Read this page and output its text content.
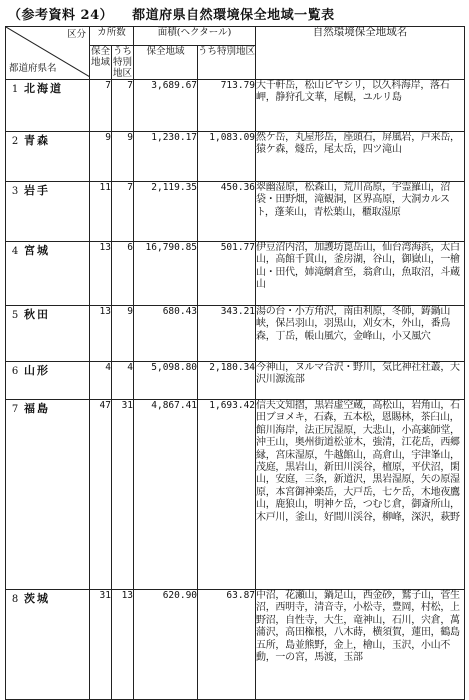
（参考資料 24） 都道府県自然環境保全地域一覧表
区分
都道府県名	カ所数		面積(ヘクタール)		自然環境保全地域名
	保全地域	うち特別地区	保全地域	うち特別地区	
1 北海道	7	7	3,689.67	713.79	大千軒岳，松山ピヤシリ，以久科海岸，落石岬，静狩孔文華，尾幌，ユルリ島
2 青森	9	9	1,230.17	1,083.09	然ケ岳，丸屋形岳，座頭石，屏風岩，戸来岳，猿ケ森，燧岳，尾太岳，四ツ滝山
3 岩手	11	7	2,119.35	450.36	翠幽湿原，松森山，荒川高原，宇霊羅山，沼袋・田野畑，滝観洞，区界高原，大洞カルスト，蓬莱山，青松葉山，櫃取湿原
4 宮城	13	6	16,790.85	501.77	伊豆沼内沼，加護坊箆岳山，仙台湾海浜，太白山，高館千貫山，釜房湖，谷山，御嶽山，一檜山・田代，姉滝網倉至，翁倉山，魚取沼，斗蔵山
5 秋田	13	9	680.43	343.21	湯の台・小方角沢，南由利原，冬師，鋳鍋山峡，保呂羽山，羽黒山，刈女木，外山，番鳥森，丁岳，帳山風穴，金峰山，小又風穴
6 山形	4	4	5,098.80	2,180.34	今神山，ヌルマ合沢・野川，気比神社社叢，大沢川源流部
7 福島	47	31	4,867.41	1,693.42	信夫文知摺，黒岩虚空蔵，高松山，岩角山，石田ブヨメキ，石森，五本松，恩賜林，茶臼山，館川海岸，法正尻湿原，大悲山，小高薬師堂，沖王山，奥州街道松並木，強清，江花岳，西郷縁，宮床湿原，牛越館山，高倉山，宇津峯山，茂庭，黒岩山，新田川渓谷，檀原，平伏沼，閑山，安庭，三条，新道沢，黒岩湿原，矢の原湿原，本宮御神楽岳，大戸岳，七ケ岳，木地夜鷹山，鹿狼山，明神ケ岳，つむじ倉，御斎所山，木戸川，釜山，好間川渓谷，柳峰，深沢，萩野
8 茨城	31	13	620.90	63.87	中沼，花瀬山，鍋足山，西金砂，鷲子山，菅生沼，西明寺，清音寺，小松寺，豊岡，村松，上野沼，自性寺，大生，竜神山，石川，宍倉，萬蒲沢，高田権根，八木蒔，横須賀，蓮田，鶴島五所，島並熊野，金上，檜山，玉沢，小山不動，一の宮，馬渡，玉部
